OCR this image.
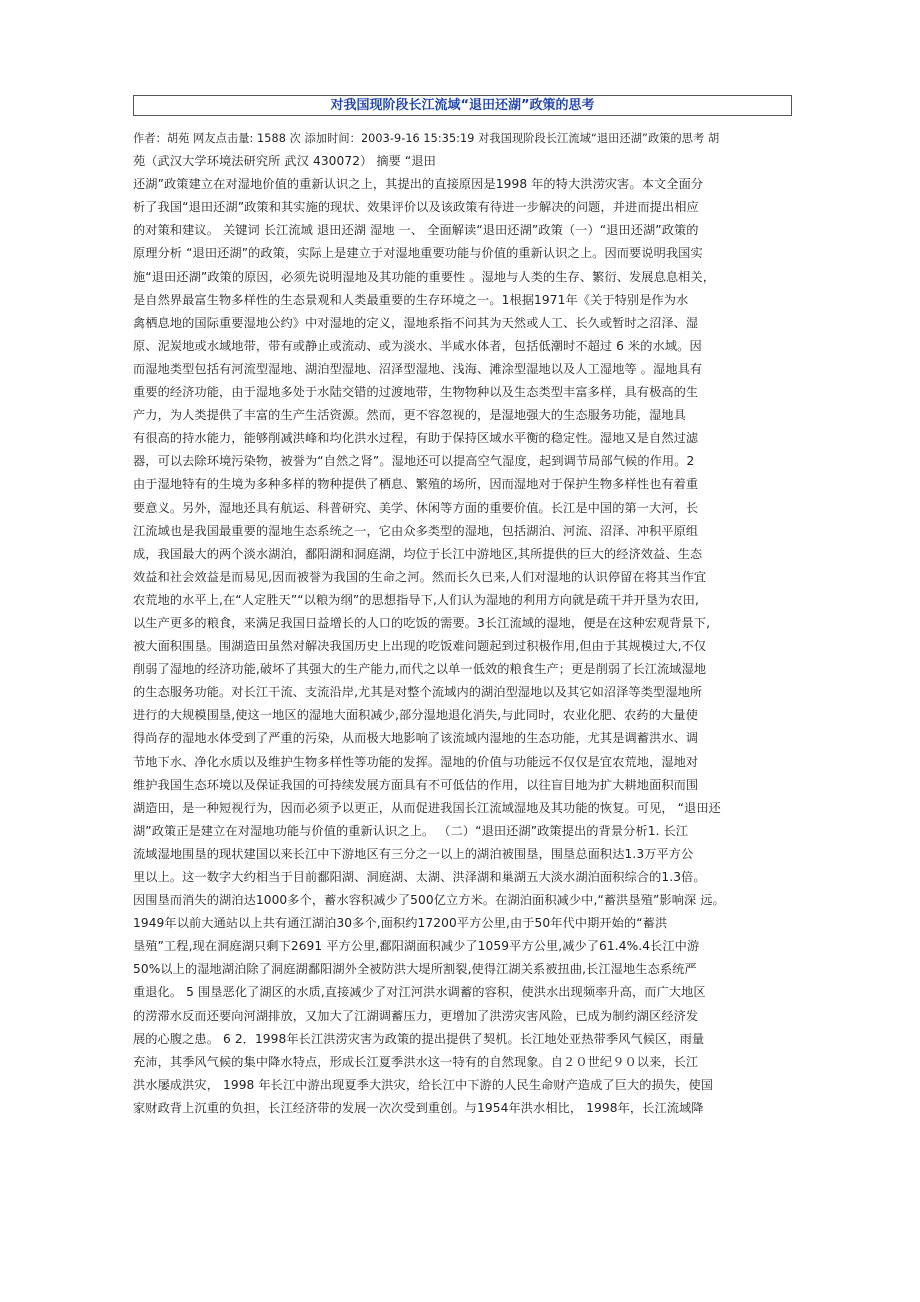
对我国现阶段长江流域“退田还湖”政策的思考
作者：胡苑 网友点击量: 1588 次 添加时间：2003-9-16 15:35:19 对我国现阶段长江流域“退田还湖”政策的思考 胡
苑（武汉大学环境法研究所 武汉 430072） 摘要 “退田
还湖”政策建立在对湿地价值的重新认识之上，其提出的直接原因是1998 年的特大洪涝灾害。本文全面分
析了我国“退田还湖”政策和其实施的现状、效果评价以及该政策有待进一步解决的问题，并进而提出相应
的对策和建议。 关键词 长江流域 退田还湖 湿地 一、 全面解读“退田还湖”政策（一）“退田还湖”政策的
原理分析 “退田还湖”的政策，实际上是建立于对湿地重要功能与价值的重新认识之上。因而要说明我国实
施“退田还湖”政策的原因，必须先说明湿地及其功能的重要性 。湿地与人类的生存、繁衍、发展息息相关，
是自然界最富生物多样性的生态景观和人类最重要的生存环境之一。1根据1971年《关于特别是作为水
禽栖息地的国际重要湿地公约》中对湿地的定义，湿地系指不问其为天然或人工、长久或暂时之沼泽、湿
原、泥炭地或水域地带，带有或静止或流动、或为淡水、半咸水体者，包括低潮时不超过 6 米的水域。因
而湿地类型包括有河流型湿地、湖泊型湿地、沼泽型湿地、浅海、滩涂型湿地以及人工湿地等 。湿地具有
重要的经济功能，由于湿地多处于水陆交错的过渡地带，生物物种以及生态类型丰富多样，具有极高的生
产力，为人类提供了丰富的生产生活资源。然而，更不容忽视的，是湿地强大的生态服务功能，湿地具
有很高的持水能力，能够削减洪峰和均化洪水过程，有助于保持区域水平衡的稳定性。湿地又是自然过滤
器，可以去除环境污染物，被誉为“自然之肾”。湿地还可以提高空气湿度，起到调节局部气候的作用。2
由于湿地特有的生境为多种多样的物种提供了栖息、繁殖的场所，因而湿地对于保护生物多样性也有着重
要意义。另外，湿地还具有航运、科普研究、美学、休闲等方面的重要价值。长江是中国的第一大河，长
江流域也是我国最重要的湿地生态系统之一，它由众多类型的湿地，包括湖泊、河流、沼泽、冲积平原组
成，我国最大的两个淡水湖泊，鄱阳湖和洞庭湖，均位于长江中游地区,其所提供的巨大的经济效益、生态
效益和社会效益是而易见,因而被誉为我国的生命之河。然而长久已来,人们对湿地的认识停留在将其当作宜
农荒地的水平上,在“人定胜天”“以粮为纲”的思想指导下,人们认为湿地的利用方向就是疏干并开垦为农田,
以生产更多的粮食，来满足我国日益增长的人口的吃饭的需要。3长江流域的湿地，便是在这种宏观背景下,
被大面积围垦。围湖造田虽然对解决我国历史上出现的吃饭难问题起到过积极作用,但由于其规模过大,不仅
削弱了湿地的经济功能,破坏了其强大的生产能力,而代之以单一低效的粮食生产；更是削弱了长江流域湿地
的生态服务功能。对长江干流、支流沿岸,尤其是对整个流域内的湖泊型湿地以及其它如沼泽等类型湿地所
进行的大规模围垦,使这一地区的湿地大面积减少,部分湿地退化消失,与此同时，农业化肥、农药的大量使
得尚存的湿地水体受到了严重的污染，从而极大地影响了该流域内湿地的生态功能，尤其是调蓄洪水、调
节地下水、净化水质以及维护生物多样性等功能的发挥。湿地的价值与功能远不仅仅是宜农荒地，湿地对
维护我国生态环境以及保证我国的可持续发展方面具有不可低估的作用，以往盲目地为扩大耕地面积而围
湖造田，是一种短视行为，因而必须予以更正，从而促进我国长江流域湿地及其功能的恢复。可见， “退田还
湖”政策正是建立在对湿地功能与价值的重新认识之上。 （二）“退田还湖”政策提出的背景分析1. 长江
流域湿地围垦的现状建国以来长江中下游地区有三分之一以上的湖泊被围垦，围垦总面积达1.3万平方公
里以上。这一数字大约相当于目前鄱阳湖、洞庭湖、太湖、洪泽湖和巢湖五大淡水湖泊面积综合的1.3倍。
因围垦而消失的湖泊达1000多个，蓄水容积减少了500亿立方米。在湖泊面积减少中,“蓄洪垦殖”影响深 远。
1949年以前大通站以上共有通江湖泊30多个,面积约17200平方公里,由于50年代中期开始的“蓄洪
垦殖”工程,现在洞庭湖只剩下2691 平方公里,鄱阳湖面积减少了1059平方公里,减少了61.4%.4长江中游
50%以上的湿地湖泊除了洞庭湖鄱阳湖外全被防洪大堤所割裂,使得江湖关系被扭曲,长江湿地生态系统严
重退化。 5 围垦恶化了湖区的水质,直接减少了对江河洪水调蓄的容积，使洪水出现频率升高，而广大地区
的涝滞水反而还要向河湖排放，又加大了江湖调蓄压力，更增加了洪涝灾害风险，已成为制约湖区经济发
展的心腹之患。 6 2．1998年长江洪涝灾害为政策的提出提供了契机。长江地处亚热带季风气候区，雨量
充沛，其季风气候的集中降水特点，形成长江夏季洪水这一特有的自然现象。自２０世纪９０以来，长江
洪水屡成洪灾， 1998 年长江中游出现夏季大洪灾，给长江中下游的人民生命财产造成了巨大的损失，使国
家财政背上沉重的负担，长江经济带的发展一次次受到重创。与1954年洪水相比， 1998年，长江流域降
